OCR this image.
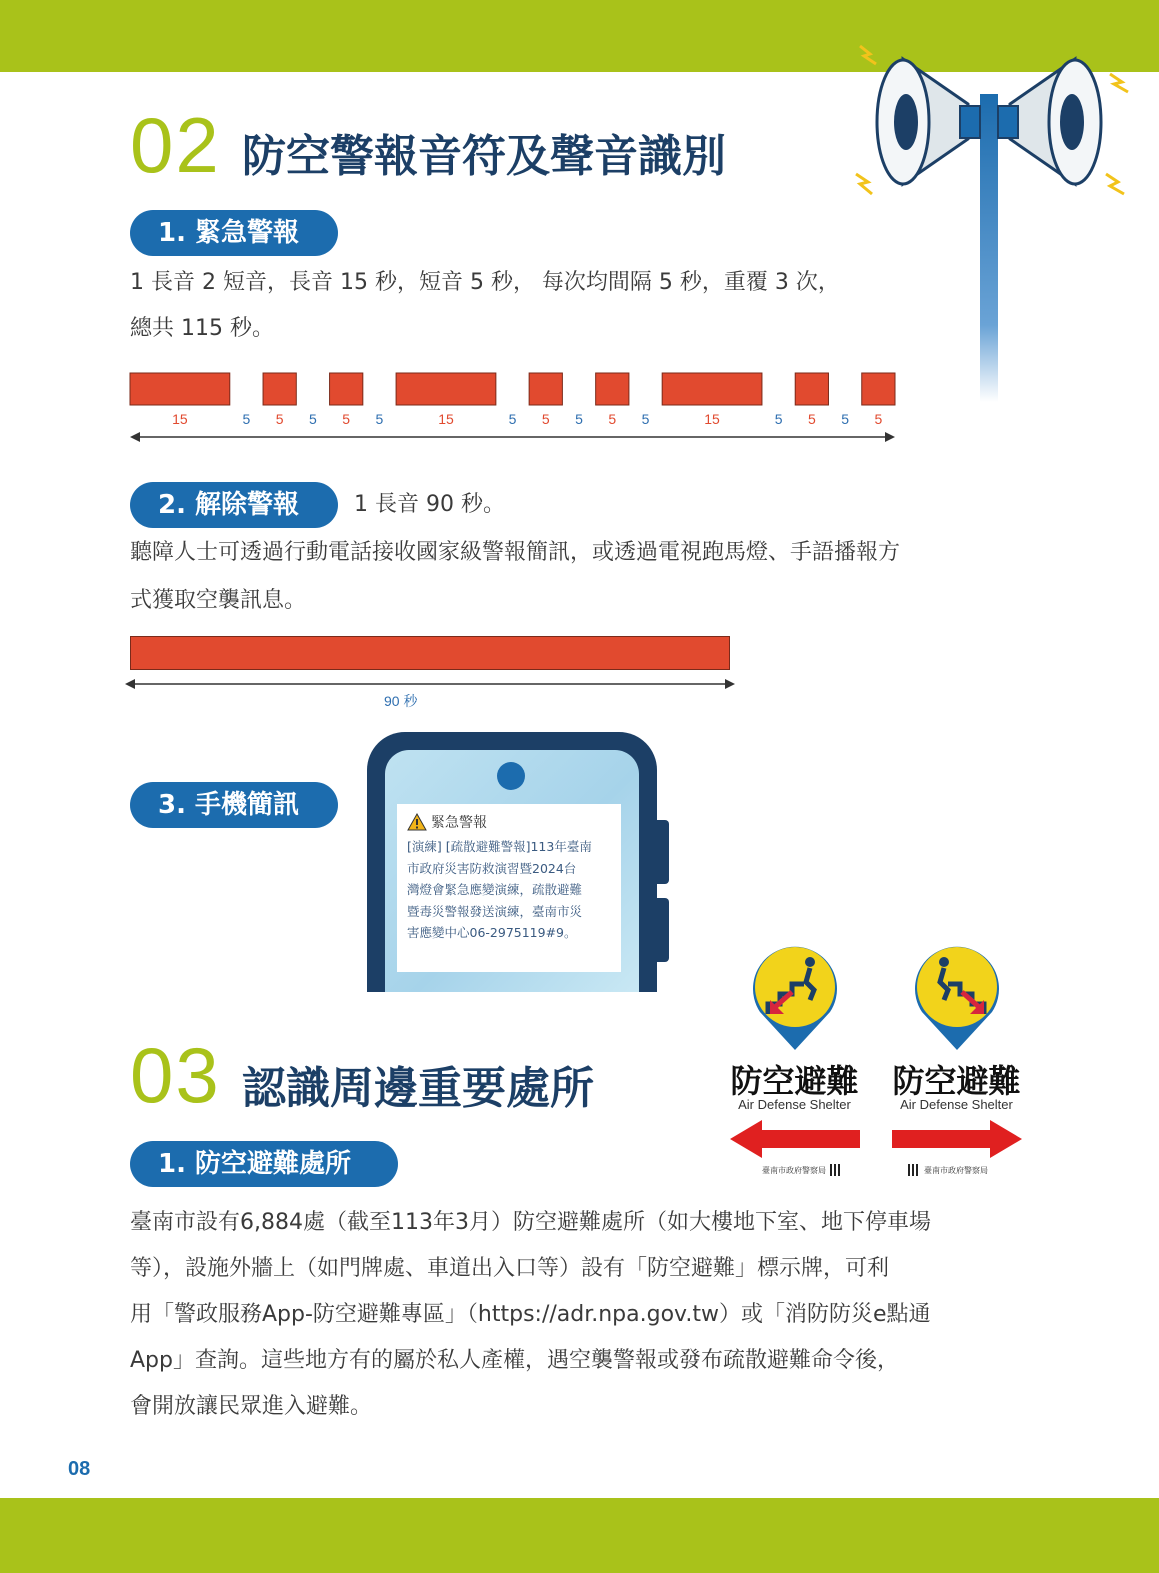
02 防空警報音符及聲音識別
1. 緊急警報
1 長音 2 短音，長音 15 秒，短音 5 秒， 每次均間隔 5 秒，重覆 3 次，
總共 115 秒。
15	5 5 5 5 5	15	5 5 5 5 5	15	5 5 5 5
2. 解除警報	1 長音 90 秒。
聽障人士可透過行動電話接收國家級警報簡訊，或透過電視跑馬燈、手語播報方
式獲取空襲訊息。
90 秒
3. 手機簡訊
緊急警報
[演練] [疏散避難警報]113年臺南
市政府災害防救演習暨2024台
灣燈會緊急應變演練，疏散避難
暨毒災警報發送演練，臺南市災
害應變中心06-2975119#9。
防空避難
Air Defense Shelter
臺南市政府警察局
防空避難
Air Defense Shelter
臺南市政府警察局
03 認識周邊重要處所
1. 防空避難處所
臺南市設有6,884處（截至113年3月）防空避難處所（如大樓地下室、地下停車場
等），設施外牆上（如門牌處、車道出入口等）設有「防空避難」標示牌，可利
用「警政服務App-防空避難專區」（https://adr.npa.gov.tw）或「消防防災e點通
App」查詢。這些地方有的屬於私人產權，遇空襲警報或發布疏散避難命令後，
會開放讓民眾進入避難。
08
